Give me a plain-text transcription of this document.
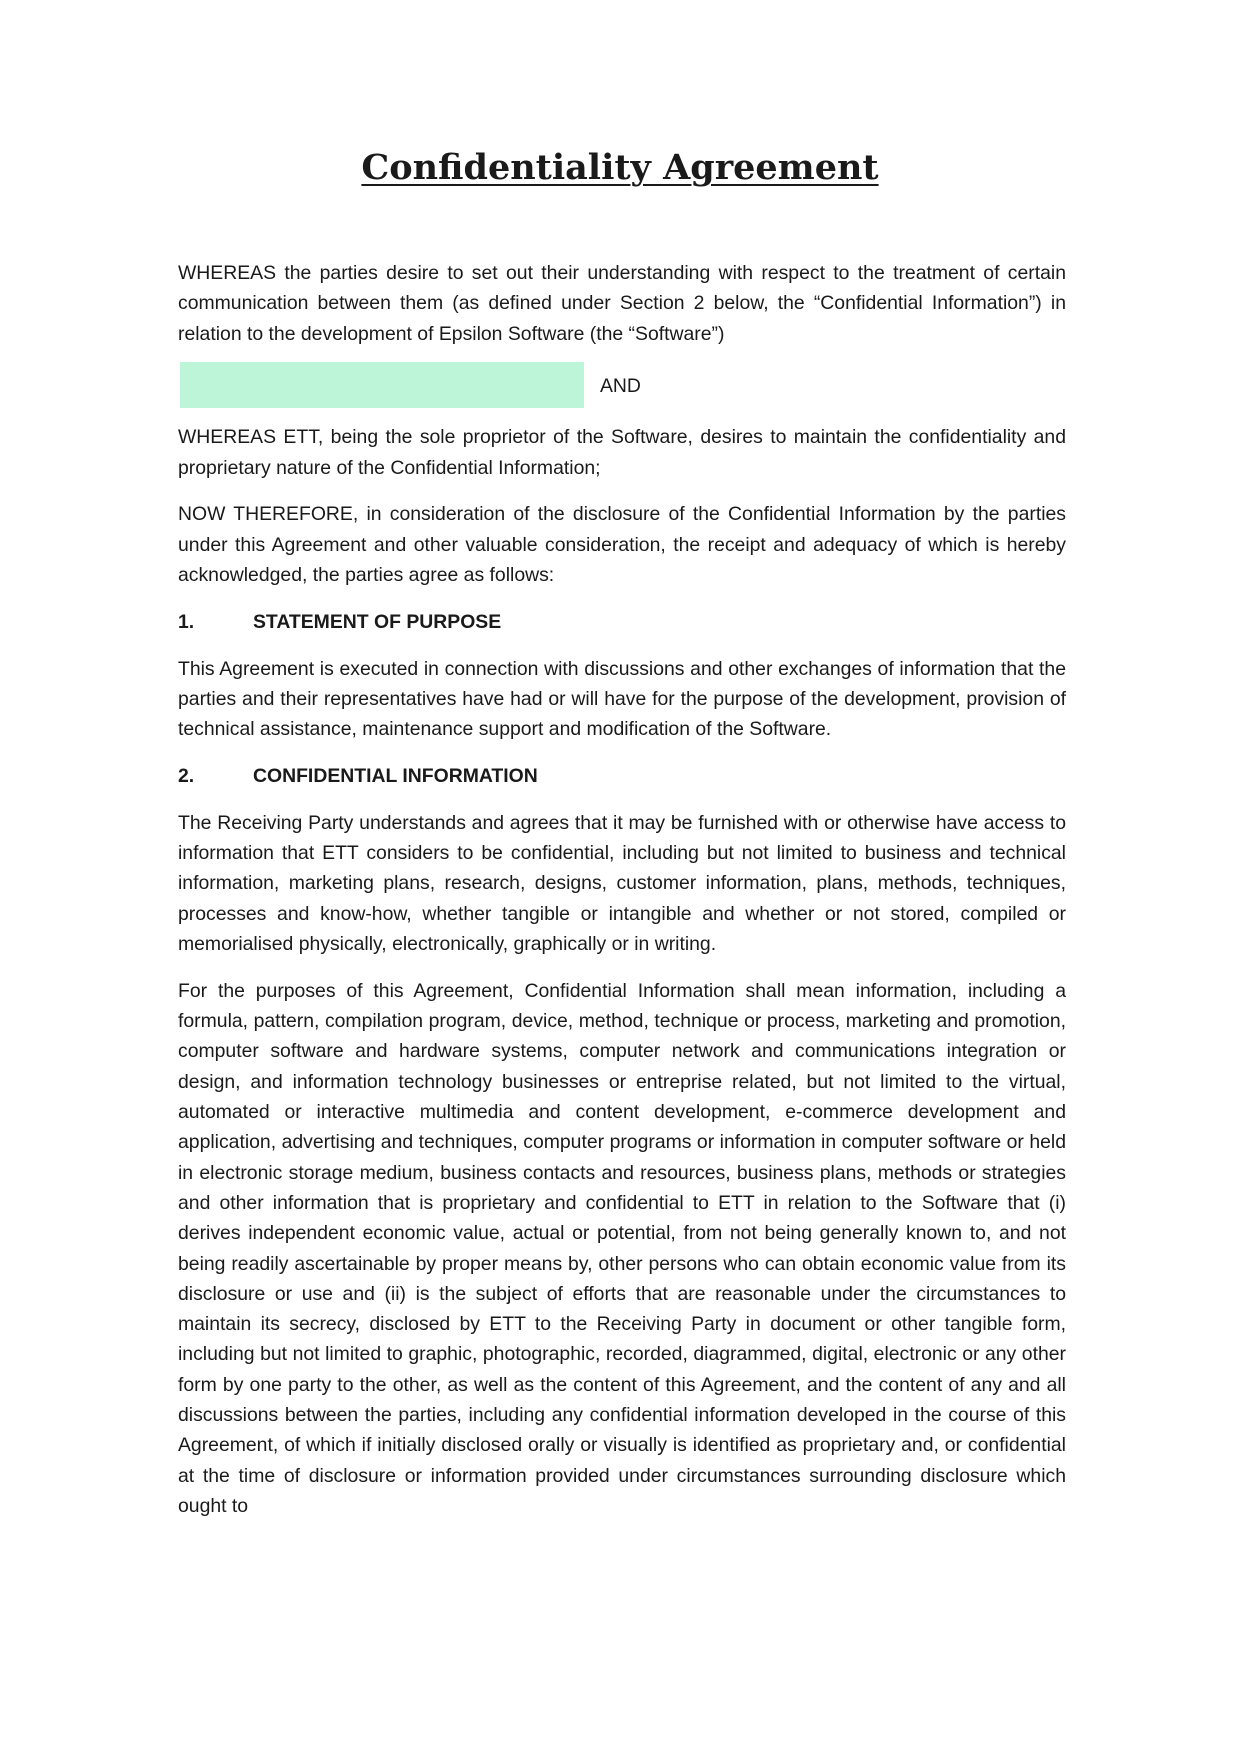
Confidentiality Agreement

WHEREAS the parties desire to set out their understanding with respect to the treatment of certain communication between them (as defined under Section 2 below, the “Confidential Information”) in relation to the development of Epsilon Software (the “Software”)

AND

WHEREAS ETT, being the sole proprietor of the Software, desires to maintain the confidentiality and proprietary nature of the Confidential Information;

NOW THEREFORE, in consideration of the disclosure of the Confidential Information by the parties under this Agreement and other valuable consideration, the receipt and adequacy of which is hereby acknowledged, the parties agree as follows:

1.	STATEMENT OF PURPOSE

This Agreement is executed in connection with discussions and other exchanges of information that the parties and their representatives have had or will have for the purpose of the development, provision of technical assistance, maintenance support and modification of the Software.

2.	CONFIDENTIAL INFORMATION

The Receiving Party understands and agrees that it may be furnished with or otherwise have access to information that ETT considers to be confidential, including but not limited to business and technical information, marketing plans, research, designs, customer information, plans, methods, techniques, processes and know-how, whether tangible or intangible and whether or not stored, compiled or memorialised physically, electronically, graphically or in writing.

For the purposes of this Agreement, Confidential Information shall mean information, including a formula, pattern, compilation program, device, method, technique or process, marketing and promotion, computer software and hardware systems, computer network and communications integration or design, and information technology businesses or entreprise related, but not limited to the virtual, automated or interactive multimedia and content development, e-commerce development and application, advertising and techniques, computer programs or information in computer software or held in electronic storage medium, business contacts and resources, business plans, methods or strategies and other information that is proprietary and confidential to ETT in relation to the Software that (i) derives independent economic value, actual or potential, from not being generally known to, and not being readily ascertainable by proper means by, other persons who can obtain economic value from its disclosure or use and (ii) is the subject of efforts that are reasonable under the circumstances to maintain its secrecy, disclosed by ETT to the Receiving Party in document or other tangible form, including but not limited to graphic, photographic, recorded, diagrammed, digital, electronic or any other form by one party to the other, as well as the content of this Agreement, and the content of any and all discussions between the parties, including any confidential information developed in the course of this Agreement, of which if initially disclosed orally or visually is identified as proprietary and, or confidential at the time of disclosure or information provided under circumstances surrounding disclosure which ought to
